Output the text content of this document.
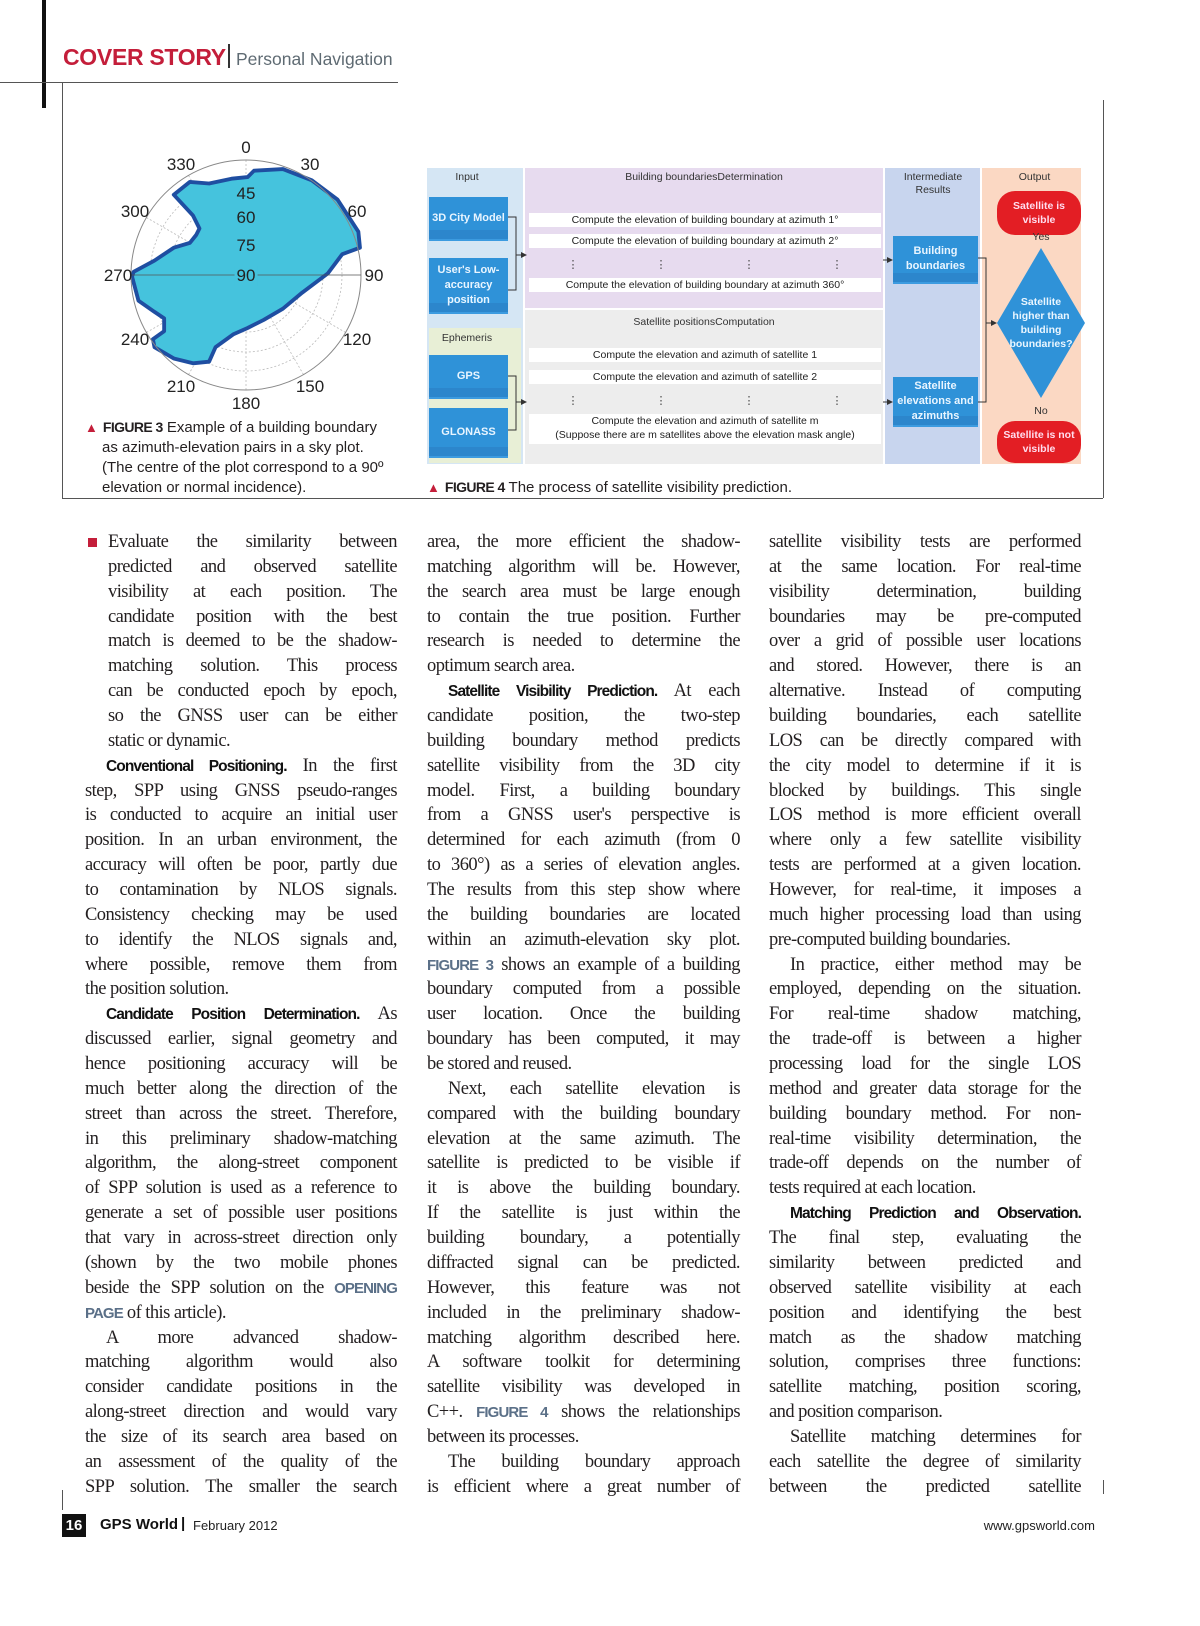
COVER STORY Personal Navigation
0
30
60
90
120
150
180
210
240
270
300
330
45
60
75
90
▲ FIGURE 3 Example of a building boundary
as azimuth-elevation pairs in a sky plot.
(The centre of the plot correspond to a 90º
elevation or normal incidence).
Input
3D City Model
User's Low-accuracy position
Ephemeris
GPS
GLONASS
Building boundariesDetermination
Compute the elevation of building boundary at azimuth 1°
Compute the elevation of building boundary at azimuth 2°
⋮	⋮	⋮	⋮
Compute the elevation of building boundary at azimuth 360°
Satellite positionsComputation
Compute the elevation and azimuth of satellite 1
Compute the elevation and azimuth of satellite 2
⋮	⋮	⋮	⋮
Compute the elevation and azimuth of satellite m
(Suppose there are m satellites above the elevation mask angle)
Intermediate Results
Building boundaries
Satellite elevations and azimuths
Output
Satellite is visible
Yes
Satellite higher than building boundaries?
No
Satellite is not visible
▲ FIGURE 4 The process of satellite visibility prediction.
Evaluate the similarity between
predicted and observed satellite
visibility at each position. The
candidate position with the best
match is deemed to be the shadow-
matching solution. This process
can be conducted epoch by epoch,
so the GNSS user can be either
static or dynamic.
Conventional Positioning. In the first
step, SPP using GNSS pseudo-ranges
is conducted to acquire an initial user
position. In an urban environment, the
accuracy will often be poor, partly due
to contamination by NLOS signals.
Consistency checking may be used
to identify the NLOS signals and,
where possible, remove them from
the position solution.
Candidate Position Determination. As
discussed earlier, signal geometry and
hence positioning accuracy will be
much better along the direction of the
street than across the street. Therefore,
in this preliminary shadow-matching
algorithm, the along-street component
of SPP solution is used as a reference to
generate a set of possible user positions
that vary in across-street direction only
(shown by the two mobile phones
beside the SPP solution on the OPENING
PAGE of this article).
A more advanced shadow-
matching algorithm would also
consider candidate positions in the
along-street direction and would vary
the size of its search area based on
an assessment of the quality of the
SPP solution. The smaller the search
area, the more efficient the shadow-
matching algorithm will be. However,
the search area must be large enough
to contain the true position. Further
research is needed to determine the
optimum search area.
Satellite Visibility Prediction. At each
candidate position, the two-step
building boundary method predicts
satellite visibility from the 3D city
model. First, a building boundary
from a GNSS user's perspective is
determined for each azimuth (from 0
to 360°) as a series of elevation angles.
The results from this step show where
the building boundaries are located
within an azimuth-elevation sky plot.
FIGURE 3 shows an example of a building
boundary computed from a possible
user location. Once the building
boundary has been computed, it may
be stored and reused.
Next, each satellite elevation is
compared with the building boundary
elevation at the same azimuth. The
satellite is predicted to be visible if
it is above the building boundary.
If the satellite is just within the
building boundary, a potentially
diffracted signal can be predicted.
However, this feature was not
included in the preliminary shadow-
matching algorithm described here.
A software toolkit for determining
satellite visibility was developed in
C++. FIGURE 4 shows the relationships
between its processes.
The building boundary approach
is efficient where a great number of
satellite visibility tests are performed
at the same location. For real-time
visibility determination, building
boundaries may be pre-computed
over a grid of possible user locations
and stored. However, there is an
alternative. Instead of computing
building boundaries, each satellite
LOS can be directly compared with
the city model to determine if it is
blocked by buildings. This single
LOS method is more efficient overall
where only a few satellite visibility
tests are performed at a given location.
However, for real-time, it imposes a
much higher processing load than using
pre-computed building boundaries.
In practice, either method may be
employed, depending on the situation.
For real-time shadow matching,
the trade-off is between a higher
processing load for the single LOS
method and greater data storage for the
building boundary method. For non-
real-time visibility determination, the
trade-off depends on the number of
tests required at each location.
Matching Prediction and Observation.
The final step, evaluating the
similarity between predicted and
observed satellite visibility at each
position and identifying the best
match as the shadow matching
solution, comprises three functions:
satellite matching, position scoring,
and position comparison.
Satellite matching determines for
each satellite the degree of similarity
between the predicted satellite
16 GPS World | February 2012	www.gpsworld.com
